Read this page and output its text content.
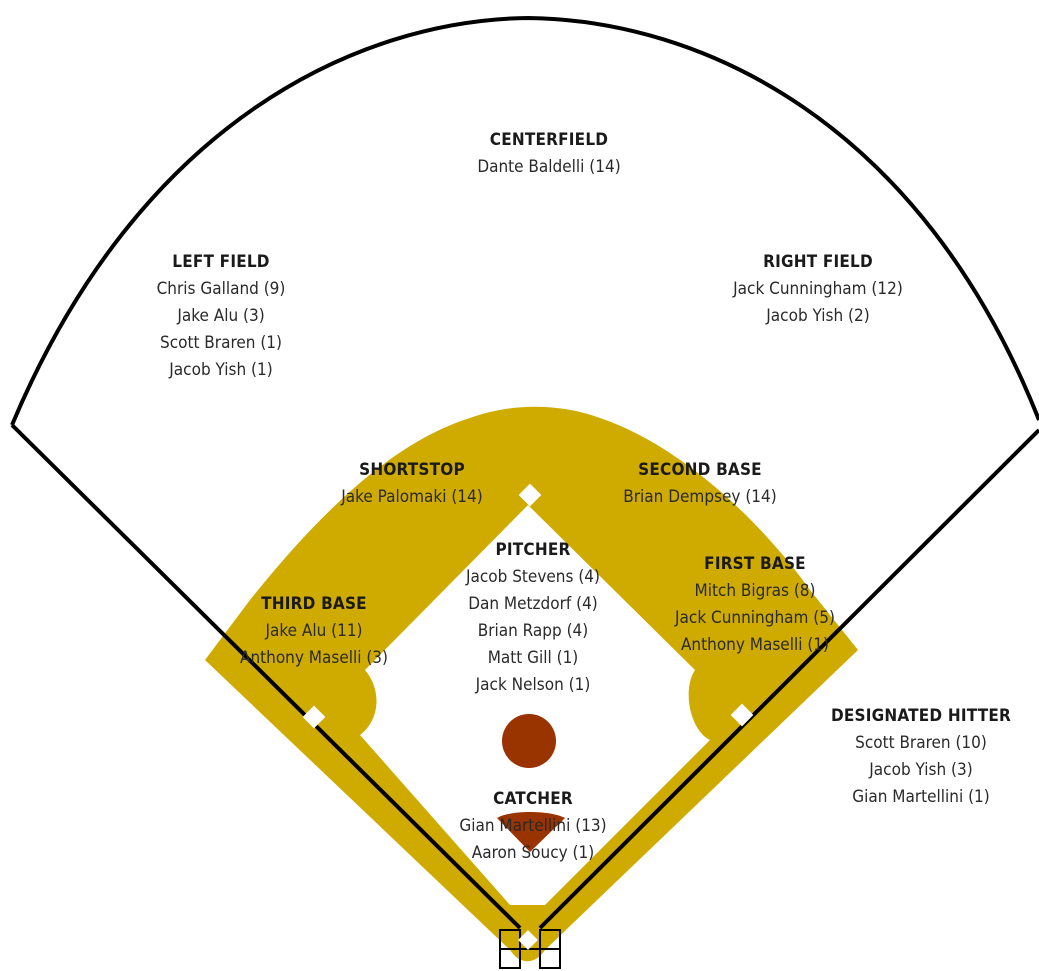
CENTERFIELD
Dante Baldelli (14)
LEFT FIELD
Chris Galland (9)
Jake Alu (3)
Scott Braren (1)
Jacob Yish (1)
RIGHT FIELD
Jack Cunningham (12)
Jacob Yish (2)
SHORTSTOP
Jake Palomaki (14)
SECOND BASE
Brian Dempsey (14)
PITCHER
Jacob Stevens (4)
Dan Metzdorf (4)
Brian Rapp (4)
Matt Gill (1)
Jack Nelson (1)
THIRD BASE
Jake Alu (11)
Anthony Maselli (3)
FIRST BASE
Mitch Bigras (8)
Jack Cunningham (5)
Anthony Maselli (1)
DESIGNATED HITTER
Scott Braren (10)
Jacob Yish (3)
Gian Martellini (1)
CATCHER
Gian Martellini (13)
Aaron Soucy (1)
